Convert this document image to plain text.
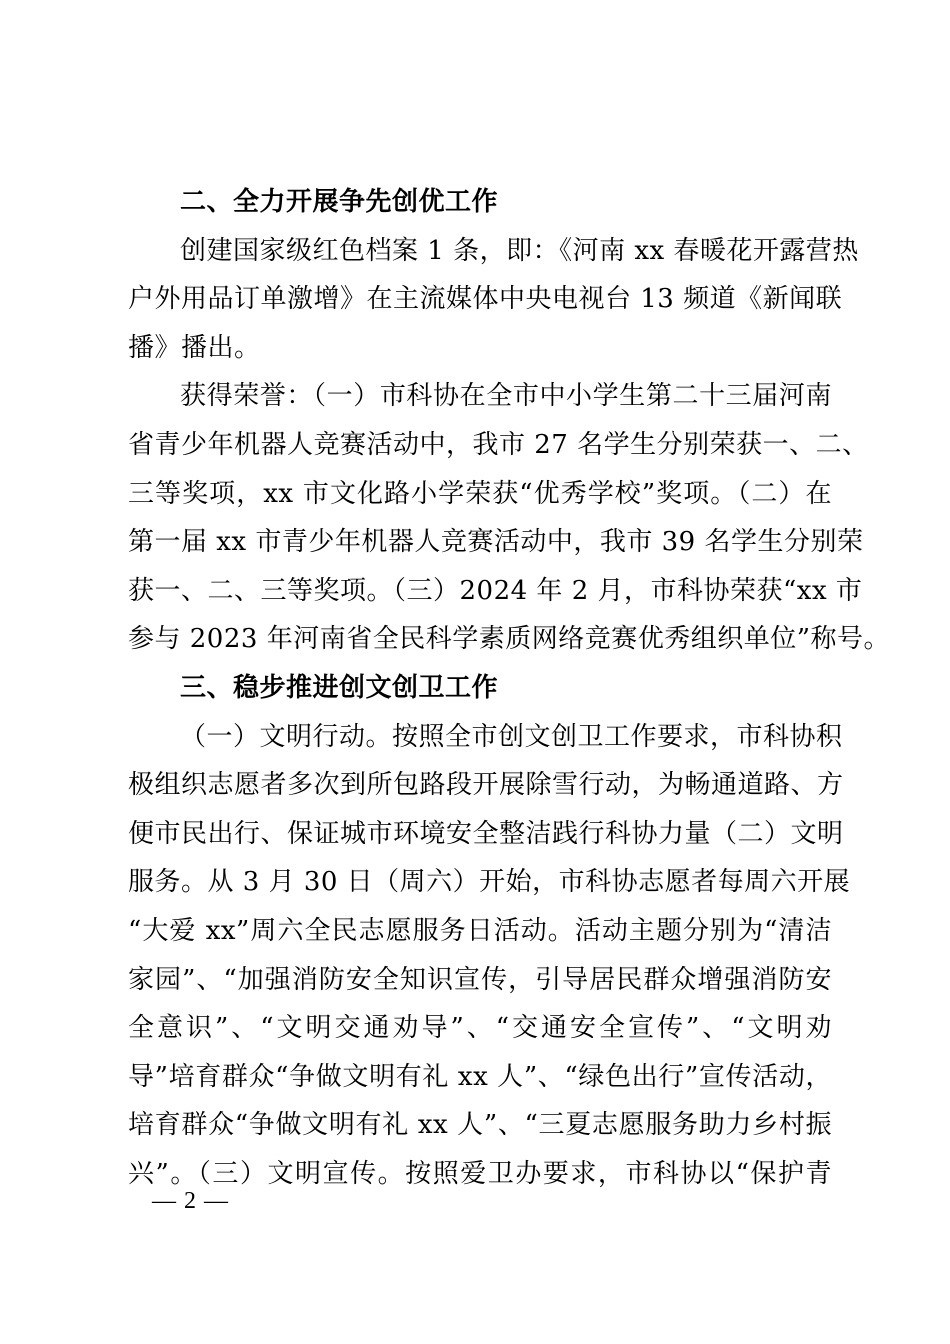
二、全力开展争先创优工作
创建国家级红色档案 1 条，即：《河南 xx 春暖花开露营热
户外用品订单激增》在主流媒体中央电视台 13 频道《新闻联
播》播出。
获得荣誉：（一）市科协在全市中小学生第二十三届河南
省青少年机器人竞赛活动中，我市 27 名学生分别荣获一、二、
三等奖项，xx 市文化路小学荣获“优秀学校”奖项。（二）在
第一届 xx 市青少年机器人竞赛活动中，我市 39 名学生分别荣
获一、二、三等奖项。（三）2024 年 2 月，市科协荣获“xx 市
参与 2023 年河南省全民科学素质网络竞赛优秀组织单位”称号。
三、稳步推进创文创卫工作
（一）文明行动。按照全市创文创卫工作要求，市科协积
极组织志愿者多次到所包路段开展除雪行动，为畅通道路、方
便市民出行、保证城市环境安全整洁践行科协力量（二）文明
服务。从 3 月 30 日（周六）开始，市科协志愿者每周六开展
“大爱 xx”周六全民志愿服务日活动。活动主题分别为“清洁
家园”、“加强消防安全知识宣传，引导居民群众增强消防安
全意识”、“文明交通劝导”、“交通安全宣传”、“文明劝
导”培育群众“争做文明有礼 xx 人”、“绿色出行”宣传活动，
培育群众“争做文明有礼 xx 人”、“三夏志愿服务助力乡村振
兴”。（三）文明宣传。按照爱卫办要求，市科协以“保护青
— 2 —
